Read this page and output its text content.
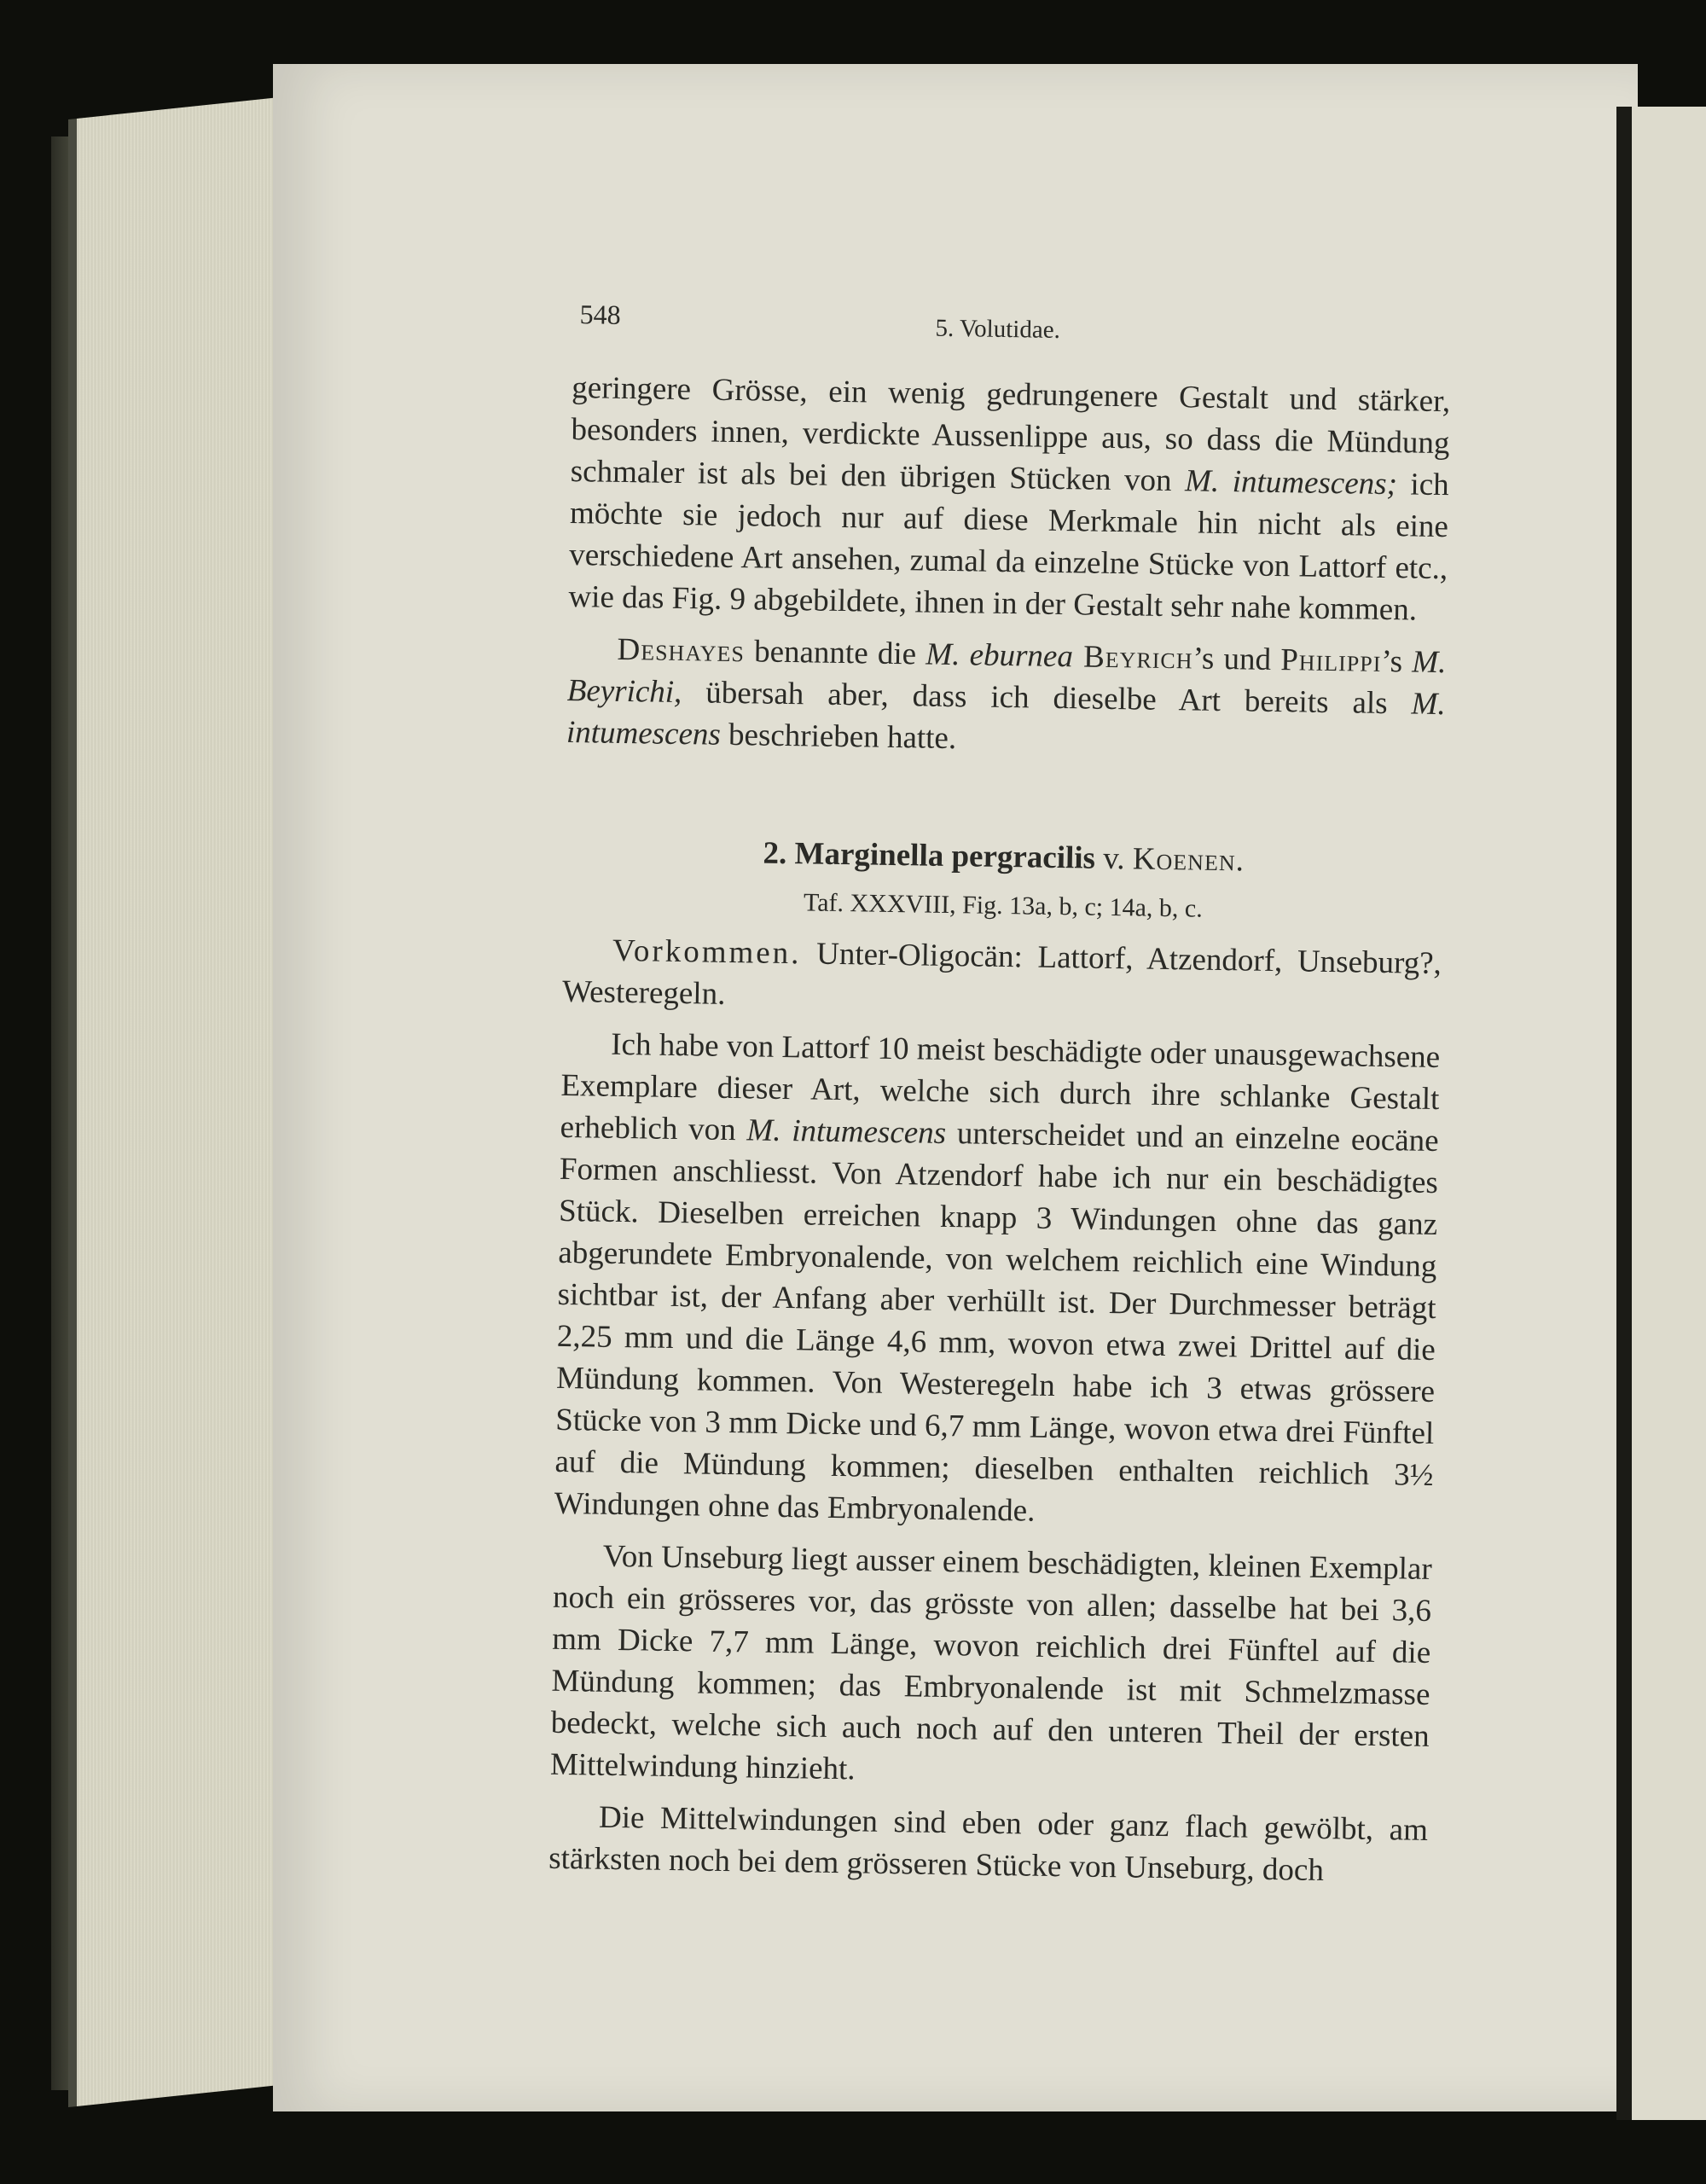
548	5. Volutidae.

geringere Grösse, ein wenig gedrungenere Gestalt und stärker, besonders innen, verdickte Aussenlippe aus, so dass die Mündung schmaler ist als bei den übrigen Stücken von M. intumescens; ich möchte sie jedoch nur auf diese Merkmale hin nicht als eine verschiedene Art ansehen, zumal da einzelne Stücke von Lattorf etc., wie das Fig. 9 abgebildete, ihnen in der Gestalt sehr nahe kommen.

Deshayes benannte die M. eburnea Beyrich’s und Philippi’s M. Beyrichi, übersah aber, dass ich dieselbe Art bereits als M. intumescens beschrieben hatte.

2. Marginella pergracilis v. Koenen.
Taf. XXXVIII, Fig. 13a, b, c; 14a, b, c.

Vorkommen. Unter-Oligocän: Lattorf, Atzendorf, Unseburg?, Westeregeln.

Ich habe von Lattorf 10 meist beschädigte oder unausgewachsene Exemplare dieser Art, welche sich durch ihre schlanke Gestalt erheblich von M. intumescens unterscheidet und an einzelne eocäne Formen anschliesst. Von Atzendorf habe ich nur ein beschädigtes Stück. Dieselben erreichen knapp 3 Windungen ohne das ganz abgerundete Embryonalende, von welchem reichlich eine Windung sichtbar ist, der Anfang aber verhüllt ist. Der Durchmesser beträgt 2,25 mm und die Länge 4,6 mm, wovon etwa zwei Drittel auf die Mündung kommen. Von Westeregeln habe ich 3 etwas grössere Stücke von 3 mm Dicke und 6,7 mm Länge, wovon etwa drei Fünftel auf die Mündung kommen; dieselben enthalten reichlich 3½ Windungen ohne das Embryonalende.

Von Unseburg liegt ausser einem beschädigten, kleinen Exemplar noch ein grösseres vor, das grösste von allen; dasselbe hat bei 3,6 mm Dicke 7,7 mm Länge, wovon reichlich drei Fünftel auf die Mündung kommen; das Embryonalende ist mit Schmelzmasse bedeckt, welche sich auch noch auf den unteren Theil der ersten Mittelwindung hinzieht.

Die Mittelwindungen sind eben oder ganz flach gewölbt, am stärksten noch bei dem grösseren Stücke von Unseburg, doch
